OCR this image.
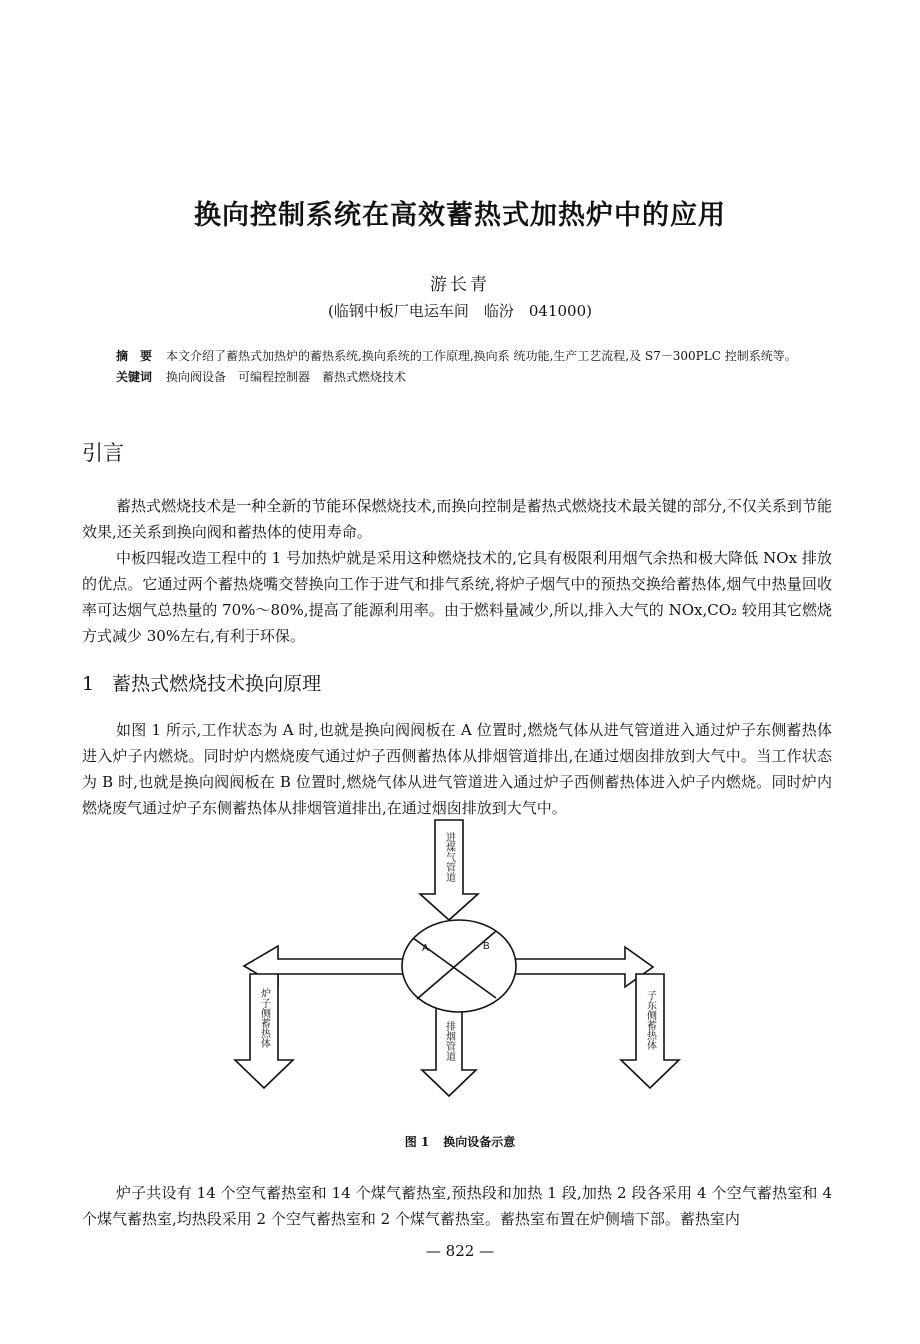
换向控制系统在高效蓄热式加热炉中的应用
游长青
(临钢中板厂电运车间　临汾　041000)
摘　要 本文介绍了蓄热式加热炉的蓄热系统,换向系统的工作原理,换向系 统功能,生产工艺流程,及 S7－300PLC 控制系统等。
关键词 换向阀设备　可编程控制器　蓄热式燃烧技术
引言
蓄热式燃烧技术是一种全新的节能环保燃烧技术,而换向控制是蓄热式燃烧技术最关键的部分,不仅关系到节能效果,还关系到换向阀和蓄热体的使用寿命。
中板四辊改造工程中的 1 号加热炉就是采用这种燃烧技术的,它具有极限利用烟气余热和极大降低 NOx 排放的优点。它通过两个蓄热烧嘴交替换向工作于进气和排气系统,将炉子烟气中的预热交换给蓄热体,烟气中热量回收率可达烟气总热量的 70%～80%,提高了能源利用率。由于燃料量减少,所以,排入大气的 NOx,CO₂ 较用其它燃烧方式减少 30%左右,有利于环保。
1 蓄热式燃烧技术换向原理
如图 1 所示,工作状态为 A 时,也就是换向阀阀板在 A 位置时,燃烧气体从进气管道进入通过炉子东侧蓄热体进入炉子内燃烧。同时炉内燃烧废气通过炉子西侧蓄热体从排烟管道排出,在通过烟囱排放到大气中。当工作状态为 B 时,也就是换向阀阀板在 B 位置时,燃烧气体从进气管道进入通过炉子西侧蓄热体进入炉子内燃烧。同时炉内燃烧废气通过炉子东侧蓄热体从排烟管道排出,在通过烟囱排放到大气中。
A	B
进煤气管道
炉子侧蓄热体	排烟管道	子东侧蓄热体
图 1 换向设备示意
炉子共设有 14 个空气蓄热室和 14 个煤气蓄热室,预热段和加热 1 段,加热 2 段各采用 4 个空气蓄热室和 4 个煤气蓄热室,均热段采用 2 个空气蓄热室和 2 个煤气蓄热室。蓄热室布置在炉侧墙下部。蓄热室内
— 822 —
